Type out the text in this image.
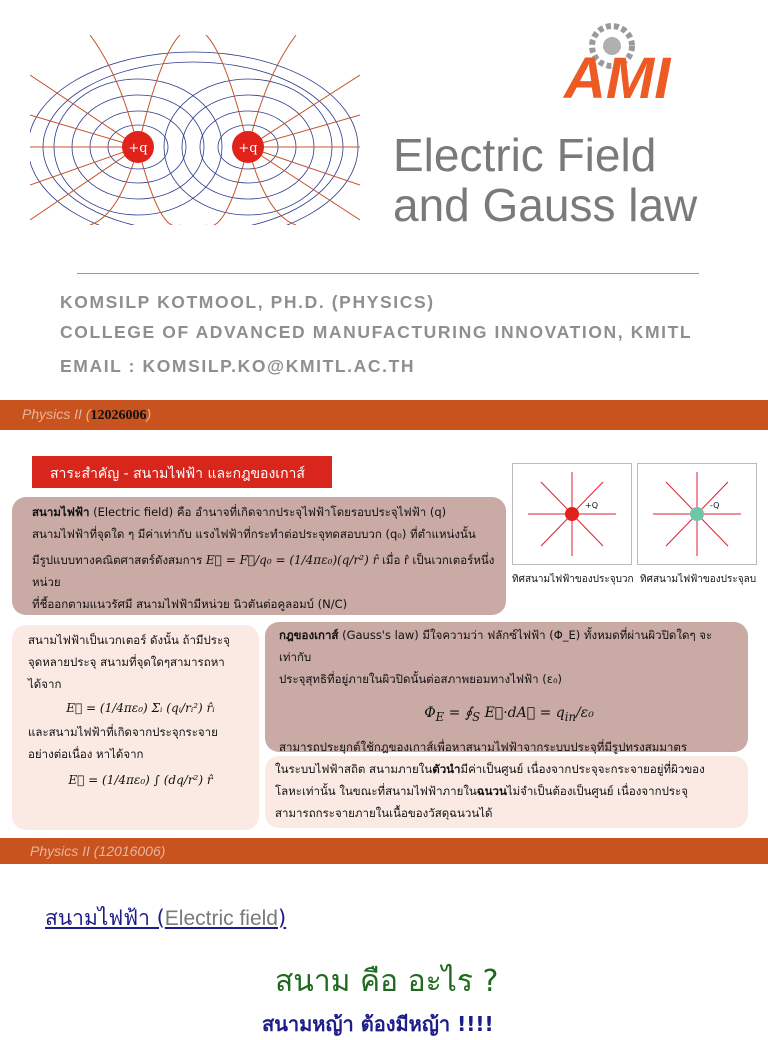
+q	+q
AMI
Electric Field
and Gauss law
KOMSILP KOTMOOL, PH.D. (PHYSICS)
COLLEGE OF ADVANCED MANUFACTURING INNOVATION, KMITL
EMAIL : KOMSILP.KO@KMITL.AC.TH
Physics II (12026006)
สาระสำคัญ - สนามไฟฟ้า และกฎของเกาส์
สนามไฟฟ้า (Electric field) คือ อำนาจที่เกิดจากประจุไฟฟ้าโดยรอบประจุไฟฟ้า (q)
สนามไฟฟ้าที่จุดใด ๆ มีค่าเท่ากับ แรงไฟฟ้าที่กระทำต่อประจุทดสอบบวก (q₀) ที่ตำแหน่งนั้น
มีรูปแบบทางคณิตศาสตร์ดังสมการ E⃗ = F⃗/q₀ = (1/4πε₀)(q/r²) r̂ เมื่อ r̂ เป็นเวกเตอร์หนึ่งหน่วย
ที่ชี้ออกตามแนวรัศมี สนามไฟฟ้ามีหน่วย นิวตันต่อคูลอมบ์ (N/C)
+Q	-Q
ทิศสนามไฟฟ้าของประจุบวก ทิศสนามไฟฟ้าของประจุลบ
สนามไฟฟ้าเป็นเวกเตอร์ ดังนั้น ถ้ามีประจุ
จุดหลายประจุ สนามที่จุดใดๆสามารถหา
ได้จาก
E⃗ = (1/4πε₀) Σᵢ (qᵢ/rᵢ²) r̂ᵢ
และสนามไฟฟ้าที่เกิดจากประจุกระจาย
อย่างต่อเนื่อง หาได้จาก
E⃗ = (1/4πε₀) ∫ (dq/r²) r̂
กฎของเกาส์ (Gauss's law) มีใจความว่า ฟลักซ์ไฟฟ้า (Φ_E) ทั้งหมดที่ผ่านผิวปิดใดๆ จะเท่ากับ
ประจุสุทธิที่อยู่ภายในผิวปิดนั้นต่อสภาพยอมทางไฟฟ้า (ε₀)
$\Phi_E$ = $∮_S$ E⃗·dA⃗ = $q_{in}/\varepsilon_0$
สามารถประยุกต์ใช้กฎของเกาส์เพื่อหาสนามไฟฟ้าจากระบบประจุที่มีรูปทรงสมมาตร
ในระบบไฟฟ้าสถิต สนามภายในตัวนำมีค่าเป็นศูนย์ เนื่องจากประจุจะกระจายอยู่ที่ผิวของ
โลหะเท่านั้น ในขณะที่สนามไฟฟ้าภายในฉนวนไม่จำเป็นต้องเป็นศูนย์ เนื่องจากประจุ
สามารถกระจายภายในเนื้อของวัสดุฉนวนได้
Physics II (12016006)
สนามไฟฟ้า (Electric field)
สนาม คือ อะไร ?
สนามหญ้า ต้องมีหญ้า !!!!
